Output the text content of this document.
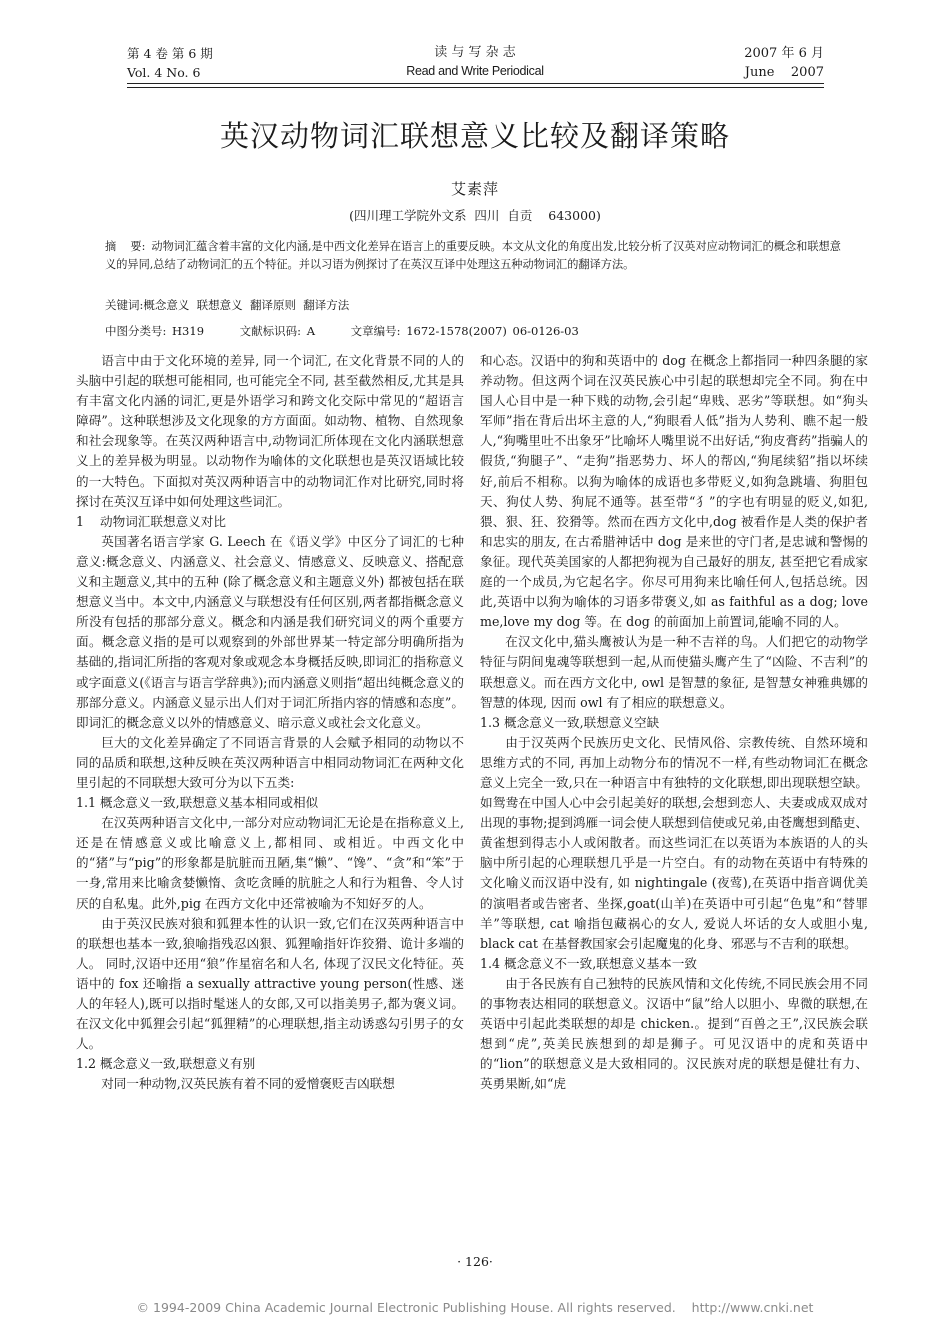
第 4 卷 第 6 期
Vol. 4 No. 6
读 与 写 杂 志
Read and Write Periodical
2007 年 6 月
June    2007
英汉动物词汇联想意义比较及翻译策略
艾素萍
(四川理工学院外文系  四川  自贡    643000)
摘    要: 动物词汇蕴含着丰富的文化内涵,是中西文化差异在语言上的重要反映。本文从文化的角度出发,比较分析了汉英对应动物词汇的概念和联想意义的异同,总结了动物词汇的五个特征。并以习语为例探讨了在英汉互译中处理这五种动物词汇的翻译方法。
关键词:概念意义  联想意义  翻译原则  翻译方法
中图分类号: H319	文献标识码: A	文章编号: 1672-1578(2007) 06-0126-03

语言中由于文化环境的差异, 同一个词汇, 在文化背景不同的人的头脑中引起的联想可能相同, 也可能完全不同, 甚至截然相反,尤其是具有丰富文化内涵的词汇,更是外语学习和跨文化交际中常见的“超语言障碍”。这种联想涉及文化现象的方方面面。如动物、植物、自然现象和社会现象等。在英汉两种语言中,动物词汇所体现在文化内涵联想意义上的差异极为明显。以动物作为喻体的文化联想也是英汉语域比较的一大特色。下面拟对英汉两种语言中的动物词汇作对比研究,同时将探讨在英汉互译中如何处理这些词汇。

1    动物词汇联想意义对比

英国著名语言学家 G. Leech 在《语义学》中区分了词汇的七种意义:概念意义、内涵意义、社会意义、情感意义、反映意义、搭配意义和主题意义,其中的五种 (除了概念意义和主题意义外) 都被包括在联想意义当中。本文中,内涵意义与联想没有任何区别,两者都指概念意义所没有包括的那部分意义。概念和内涵是我们研究词义的两个重要方面。概念意义指的是可以观察到的外部世界某一特定部分明确所指为基础的,指词汇所指的客观对象或观念本身概括反映,即词汇的指称意义或字面意义(《语言与语言学辞典》);而内涵意义则指“超出纯概念意义的那部分意义。内涵意义显示出人们对于词汇所指内容的情感和态度”。即词汇的概念意义以外的情感意义、暗示意义或社会文化意义。

巨大的文化差异确定了不同语言背景的人会赋予相同的动物以不同的品质和联想,这种反映在英汉两种语言中相同动物词汇在两种文化里引起的不同联想大致可分为以下五类:

1.1 概念意义一致,联想意义基本相同或相似

在汉英两种语言文化中,一部分对应动物词汇无论是在指称意义上,还是在情感意义或比喻意义上,都相同、或相近。中西文化中的“猪”与“pig”的形象都是肮脏而丑陋,集“懒”、“馋”、“贪”和“笨”于一身,常用来比喻贪婪懒惰、贪吃贪睡的肮脏之人和行为粗鲁、令人讨厌的自私鬼。此外,pig 在西方文化中还常被喻为不知好歹的人。

由于英汉民族对狼和狐狸本性的认识一致,它们在汉英两种语言中的联想也基本一致,狼喻指残忍凶狠、狐狸喻指奸诈狡猾、诡计多端的人。 同时,汉语中还用“狼”作星宿名和人名, 体现了汉民文化特征。英语中的 fox 还喻指 a sexually attractive young person(性感、迷人的年轻人),既可以指时髦迷人的女郎,又可以指美男子,都为褒义词。在汉文化中狐狸会引起“狐狸精”的心理联想,指主动诱惑勾引男子的女人。

1.2 概念意义一致,联想意义有别

对同一种动物,汉英民族有着不同的爱憎褒贬吉凶联想

和心态。汉语中的狗和英语中的 dog 在概念上都指同一种四条腿的家养动物。但这两个词在汉英民族心中引起的联想却完全不同。狗在中国人心目中是一种下贱的动物,会引起“卑贱、恶劣”等联想。如“狗头军师”指在背后出坏主意的人,“狗眼看人低”指为人势利、瞧不起一般人,“狗嘴里吐不出象牙”比喻坏人嘴里说不出好话,“狗皮膏药”指骗人的假货,“狗腿子”、“走狗”指恶势力、坏人的帮凶,“狗尾续貂”指以坏续好,前后不相称。以狗为喻体的成语也多带贬义,如狗急跳墙、狗胆包天、狗仗人势、狗屁不通等。甚至带“犭”的字也有明显的贬义,如犯,猥、狠、狂、狡猾等。然而在西方文化中,dog 被看作是人类的保护者和忠实的朋友, 在古希腊神话中 dog 是来世的守门者,是忠诚和警惕的象征。现代英美国家的人都把狗视为自己最好的朋友, 甚至把它看成家庭的一个成员,为它起名字。你尽可用狗来比喻任何人,包括总统。因此,英语中以狗为喻体的习语多带褒义,如 as faithful as a dog; love me,love my dog 等。在 dog 的前面加上前置词,能喻不同的人。

在汉文化中,猫头鹰被认为是一种不吉祥的鸟。人们把它的动物学特征与阴间鬼魂等联想到一起,从而使猫头鹰产生了“凶险、不吉利”的联想意义。而在西方文化中, owl 是智慧的象征, 是智慧女神雅典娜的智慧的体现, 因而 owl 有了相应的联想意义。

1.3 概念意义一致,联想意义空缺

由于汉英两个民族历史文化、民情风俗、宗教传统、自然环境和思维方式的不同, 再加上动物分布的情况不一样,有些动物词汇在概念意义上完全一致,只在一种语言中有独特的文化联想,即出现联想空缺。如鸳鸯在中国人心中会引起美好的联想,会想到恋人、夫妻或成双成对出现的事物;提到鸿雁一词会使人联想到信使或兄弟,由苍鹰想到酷吏、黄雀想到得志小人或闲散者。而这些词汇在以英语为本族语的人的头脑中所引起的心理联想几乎是一片空白。有的动物在英语中有特殊的文化喻义而汉语中没有, 如 nightingale (夜莺),在英语中指音调优美的演唱者或告密者、坐探,goat(山羊)在英语中可引起“色鬼”和“替罪羊”等联想, cat 喻指包藏祸心的女人, 爱说人坏话的女人或胆小鬼, black cat 在基督教国家会引起魔鬼的化身、邪恶与不吉利的联想。

1.4 概念意义不一致,联想意义基本一致

由于各民族有自己独特的民族风情和文化传统,不同民族会用不同的事物表达相同的联想意义。汉语中“鼠”给人以胆小、卑微的联想,在英语中引起此类联想的却是 chicken.。提到“百兽之王”,汉民族会联想到“虎”,英美民族想到的却是狮子。可见汉语中的虎和英语中的“lion”的联想意义是大致相同的。汉民族对虎的联想是健壮有力、英勇果断,如“虎

· 126·
© 1994-2009 China Academic Journal Electronic Publishing House. All rights reserved.    http://www.cnki.net
